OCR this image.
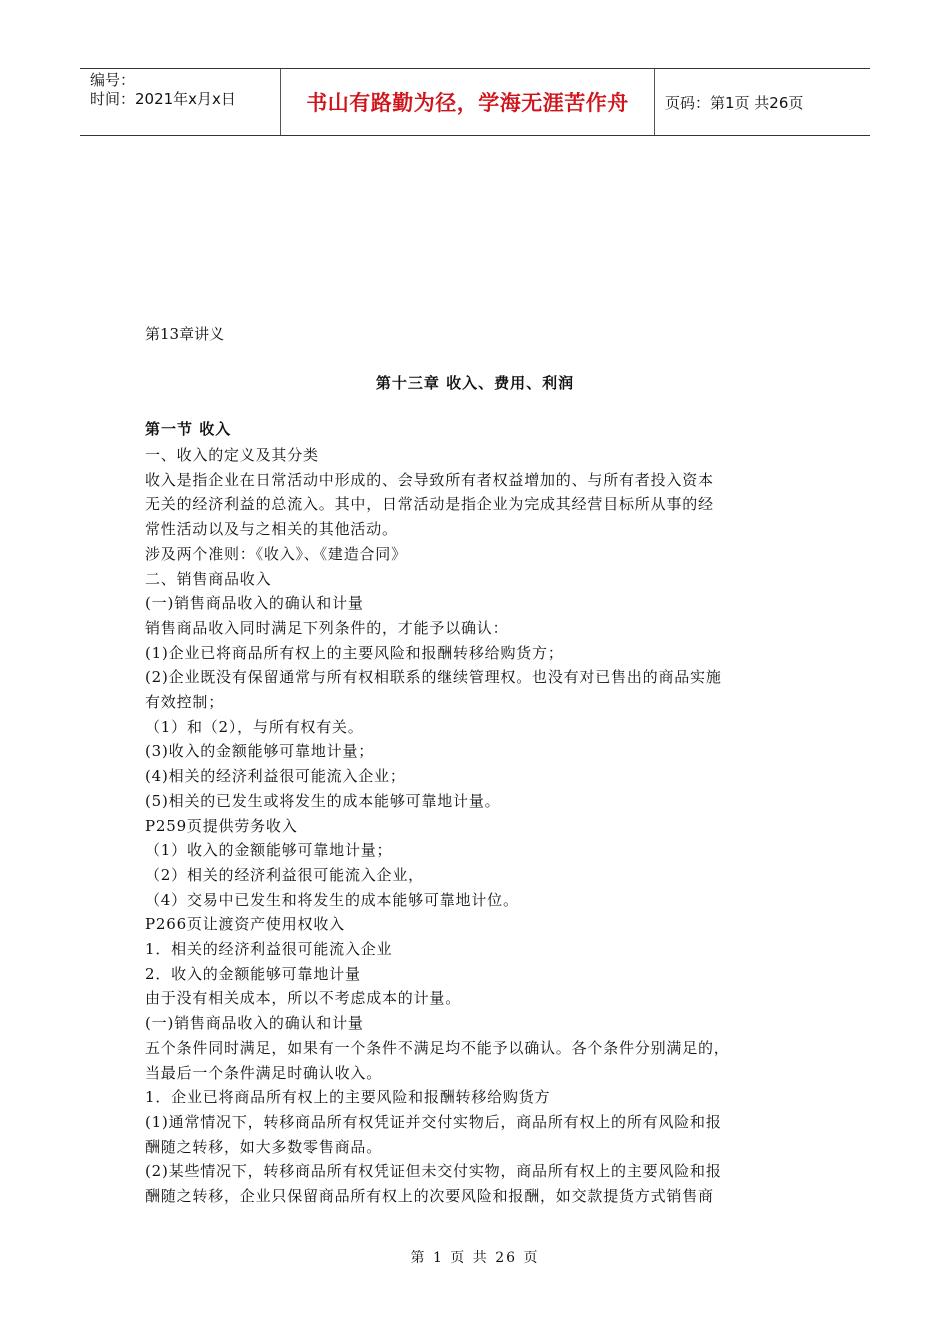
编号：
时间：2021年x月x日	书山有路勤为径，学海无涯苦作舟	页码：第1页 共26页
第13章讲义
第十三章 收入、费用、利润
第一节 收入

一、收入的定义及其分类

收入是指企业在日常活动中形成的、会导致所有者权益增加的、与所有者投入资本

无关的经济利益的总流入。其中，日常活动是指企业为完成其经营目标所从事的经

常性活动以及与之相关的其他活动。

涉及两个准则：《收入》、《建造合同》

二、销售商品收入

(一)销售商品收入的确认和计量

销售商品收入同时满足下列条件的，才能予以确认：

(1)企业已将商品所有权上的主要风险和报酬转移给购货方；

(2)企业既没有保留通常与所有权相联系的继续管理权。也没有对已售出的商品实施

有效控制；

（1）和（2），与所有权有关。

(3)收入的金额能够可靠地计量；

(4)相关的经济利益很可能流入企业；

(5)相关的已发生或将发生的成本能够可靠地计量。

P259页提供劳务收入

（1）收入的金额能够可靠地计量；

（2）相关的经济利益很可能流入企业，

（4）交易中已发生和将发生的成本能够可靠地计位。

P266页让渡资产使用权收入

1．相关的经济利益很可能流入企业

2．收入的金额能够可靠地计量

由于没有相关成本，所以不考虑成本的计量。

(一)销售商品收入的确认和计量

五个条件同时满足，如果有一个条件不满足均不能予以确认。各个条件分别满足的，

当最后一个条件满足时确认收入。

1．企业已将商品所有权上的主要风险和报酬转移给购货方

(1)通常情况下，转移商品所有权凭证并交付实物后，商品所有权上的所有风险和报

酬随之转移，如大多数零售商品。

(2)某些情况下，转移商品所有权凭证但未交付实物，商品所有权上的主要风险和报

酬随之转移，企业只保留商品所有权上的次要风险和报酬，如交款提货方式销售商

第 1 页 共 26 页
